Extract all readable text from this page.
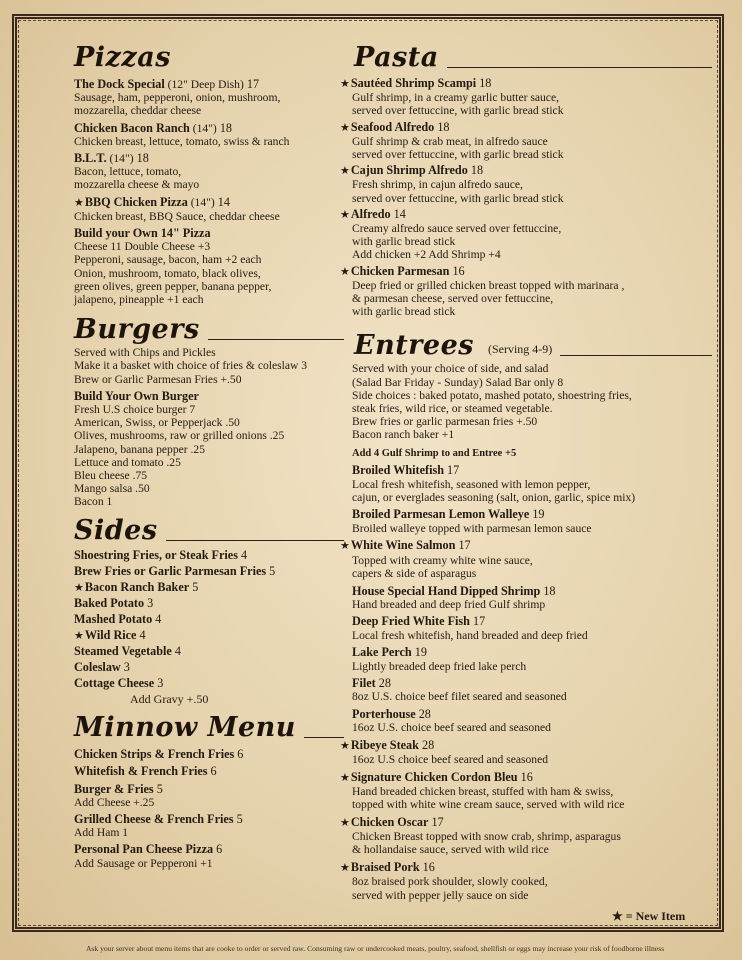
Pizzas
The Dock Special (12" Deep Dish) 17
Sausage, ham, pepperoni, onion, mushroom,
mozzarella, cheddar cheese
Chicken Bacon Ranch (14") 18
Chicken breast, lettuce, tomato, swiss & ranch
B.L.T. (14") 18
Bacon, lettuce, tomato,
mozzarella cheese & mayo
★BBQ Chicken Pizza (14") 14
Chicken breast, BBQ Sauce, cheddar cheese
Build your Own 14" Pizza
Cheese 11 Double Cheese +3
Pepperoni, sausage, bacon, ham +2 each
Onion, mushroom, tomato, black olives,
green olives, green pepper, banana pepper,
jalapeno, pineapple +1 each
Burgers
Served with Chips and Pickles
Make it a basket with choice of fries & coleslaw 3
Brew or Garlic Parmesan Fries +.50
Build Your Own Burger
Fresh U.S choice burger 7
American, Swiss, or Pepperjack .50
Olives, mushrooms, raw or grilled onions .25
Jalapeno, banana pepper .25
Lettuce and tomato .25
Bleu cheese .75
Mango salsa .50
Bacon 1
Sides
Shoestring Fries, or Steak Fries 4
Brew Fries or Garlic Parmesan Fries 5
★Bacon Ranch Baker 5
Baked Potato 3
Mashed Potato 4
★Wild Rice 4
Steamed Vegetable 4
Coleslaw 3
Cottage Cheese 3
Add Gravy +.50
Minnow Menu
Chicken Strips & French Fries 6
Whitefish & French Fries 6
Burger & Fries 5
Add Cheese +.25
Grilled Cheese & French Fries 5
Add Ham 1
Personal Pan Cheese Pizza 6
Add Sausage or Pepperoni +1
Pasta
★Sautéed Shrimp Scampi 18
Gulf shrimp, in a creamy garlic butter sauce,
served over fettuccine, with garlic bread stick
★Seafood Alfredo 18
Gulf shrimp & crab meat, in alfredo sauce
served over fettuccine, with garlic bread stick
★Cajun Shrimp Alfredo 18
Fresh shrimp, in cajun alfredo sauce,
served over fettuccine, with garlic bread stick
★Alfredo 14
Creamy alfredo sauce served over fettuccine,
with garlic bread stick
Add chicken +2 Add Shrimp +4
★Chicken Parmesan 16
Deep fried or grilled chicken breast topped with marinara ,
& parmesan cheese, served over fettuccine,
with garlic bread stick
Entrees (Serving 4-9)
Served with your choice of side, and salad
(Salad Bar Friday - Sunday) Salad Bar only 8
Side choices : baked potato, mashed potato, shoestring fries,
steak fries, wild rice, or steamed vegetable.
Brew fries or garlic parmesan fries +.50
Bacon ranch baker +1
Add 4 Gulf Shrimp to and Entree +5
Broiled Whitefish 17
Local fresh whitefish, seasoned with lemon pepper,
cajun, or everglades seasoning (salt, onion, garlic, spice mix)
Broiled Parmesan Lemon Walleye 19
Broiled walleye topped with parmesan lemon sauce
★White Wine Salmon 17
Topped with creamy white wine sauce,
capers & side of asparagus
House Special Hand Dipped Shrimp 18
Hand breaded and deep fried Gulf shrimp
Deep Fried White Fish 17
Local fresh whitefish, hand breaded and deep fried
Lake Perch 19
Lightly breaded deep fried lake perch
Filet 28
8oz U.S. choice beef filet seared and seasoned
Porterhouse 28
16oz U.S. choice beef seared and seasoned
★Ribeye Steak 28
16oz U.S choice beef seared and seasoned
★Signature Chicken Cordon Bleu 16
Hand breaded chicken breast, stuffed with ham & swiss,
topped with white wine cream sauce, served with wild rice
★Chicken Oscar 17
Chicken Breast topped with snow crab, shrimp, asparagus
& hollandaise sauce, served with wild rice
★Braised Pork 16
8oz braised pork shoulder, slowly cooked,
served with pepper jelly sauce on side
★ = New Item
Ask your server about menu items that are cooke to order or served raw. Consuming raw or undercooked meats, poultry, seafood, shellfish or eggs may increase your risk of foodborne illness
